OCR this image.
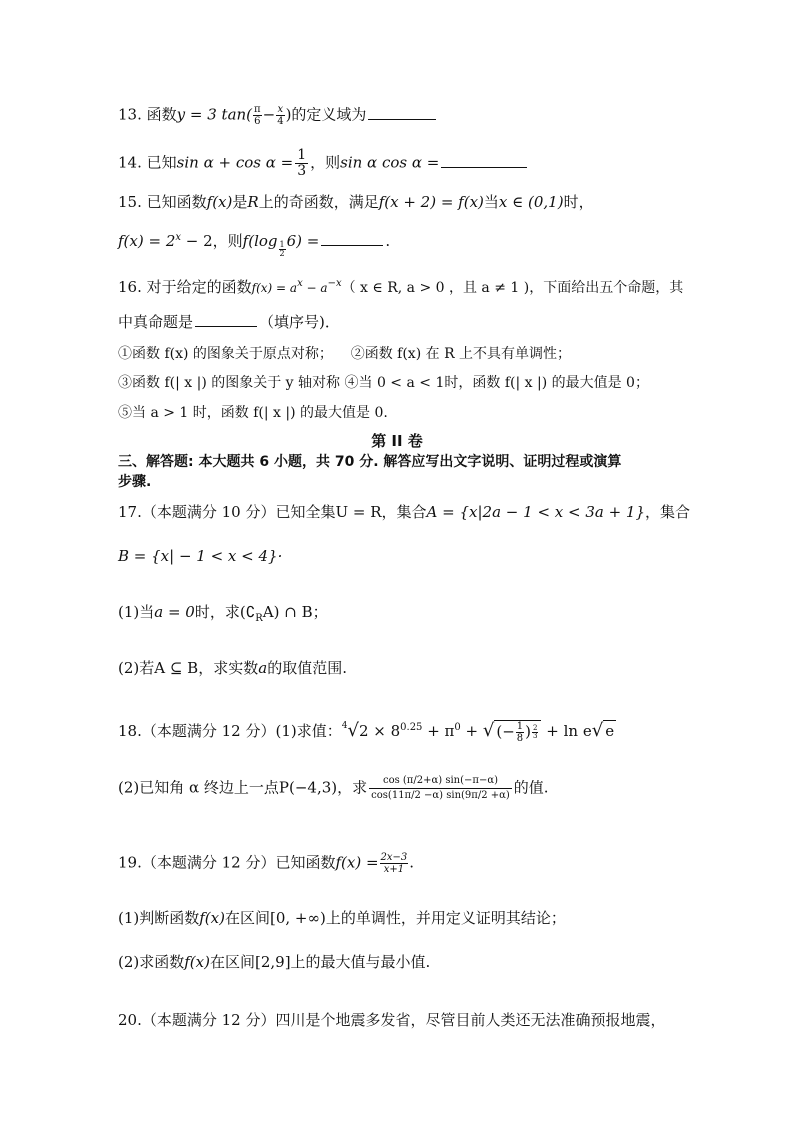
13. 函数y = 3 $\tan( \frac{\pi}{6} - \frac{x}{4}$ )的定义域为
14. 已知$\sin \alpha + \cos \alpha = \frac{1}{3}$ ，则sin α cos α =
15. 已知函数f(x)是R上的奇函数，满足f(x + 2) = f(x)当x ∈ (0,1)时，
$f(x) = 2^x - 2$，则$f(\log \frac{1}{2} 6)$ =	.
16. 对于给定的函数$f(x) = a^x - a^{-x}$（ x ∈ R, a > 0 ，且 a ≠ 1 )，下面给出五个命题，其
中真命题是	（填序号)．
①函数 f(x) 的图象关于原点对称； ②函数 f(x) 在 R 上不具有单调性；
③函数 f(| x |) 的图象关于 y 轴对称 ④当 0 < a < 1时，函数 f(| x |) 的最大值是 0；
⑤当 a > 1 时，函数 f(| x |) 的最大值是 0.
第 II 卷
三、解答题: 本大题共 6 小题，共 70 分. 解答应写出文字说明、证明过程或演算
步骤.
17.（本题满分 10 分）已知全集U = R，集合A = {x|2a − 1 < x < 3a + 1}，集合
B = {x| − 1 < x < 4}·
(1)当a = 0时，求$(∁_RA)$ ∩ B；
(2)若A ⊆ B，求实数a的取值范围.
18.（本题满分 12 分）(1)求值：$^4√2 \times 8^{0.25} + \pi^0$ + √ (− $\frac{1}{8}$ ) $\frac{2}{3} + \ln e√$ e
(2)已知角 α 终边上一点P(−4,3)，求 $\frac{\cos (\pi/2+\alpha) \sin(-\pi-\alpha)}{\cos(11\pi/2 -\alpha) \sin(9\pi/2 +\alpha)}$ 的值.
19.（本题满分 12 分）已知函数$f(x) = \frac{2x-3}{x+1}$ .
(1)判断函数f(x)在区间[0, +∞)上的单调性，并用定义证明其结论；
(2)求函数f(x)在区间[2,9]上的最大值与最小值.
20.（本题满分 12 分）四川是个地震多发省，尽管目前人类还无法准确预报地震，
